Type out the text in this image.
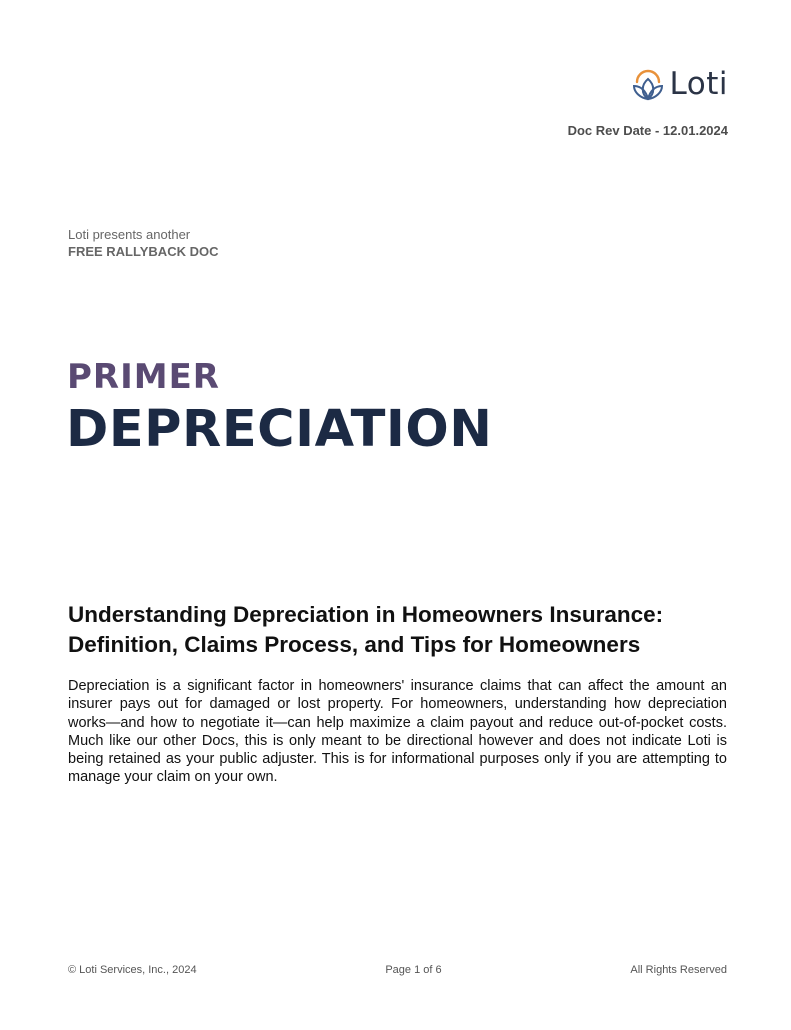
Loti
Doc Rev Date - 12.01.2024
Loti presents another
FREE RALLYBACK DOC
PRIMER
DEPRECIATION
Understanding Depreciation in Homeowners Insurance: Definition, Claims Process, and Tips for Homeowners
Depreciation is a significant factor in homeowners' insurance claims that can affect the amount an insurer pays out for damaged or lost property. For homeowners, understanding how depreciation works—and how to negotiate it—can help maximize a claim payout and reduce out-of-pocket costs. Much like our other Docs, this is only meant to be directional however and does not indicate Loti is being retained as your public adjuster. This is for informational purposes only if you are attempting to manage your claim on your own.
© Loti Services, Inc., 2024	Page 1 of 6	All Rights Reserved
